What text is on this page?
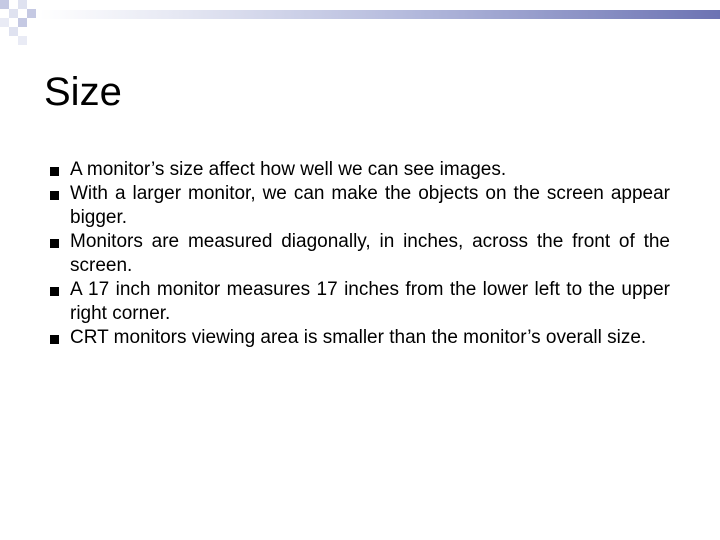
Size
A monitor’s size affect how well we can see images.
With a larger monitor, we can make the objects on the screen appear bigger.
Monitors are measured diagonally, in inches, across the front of the screen.
A 17 inch monitor measures 17 inches from the lower left to the upper right corner.
CRT monitors viewing area is smaller than the monitor’s overall size.
